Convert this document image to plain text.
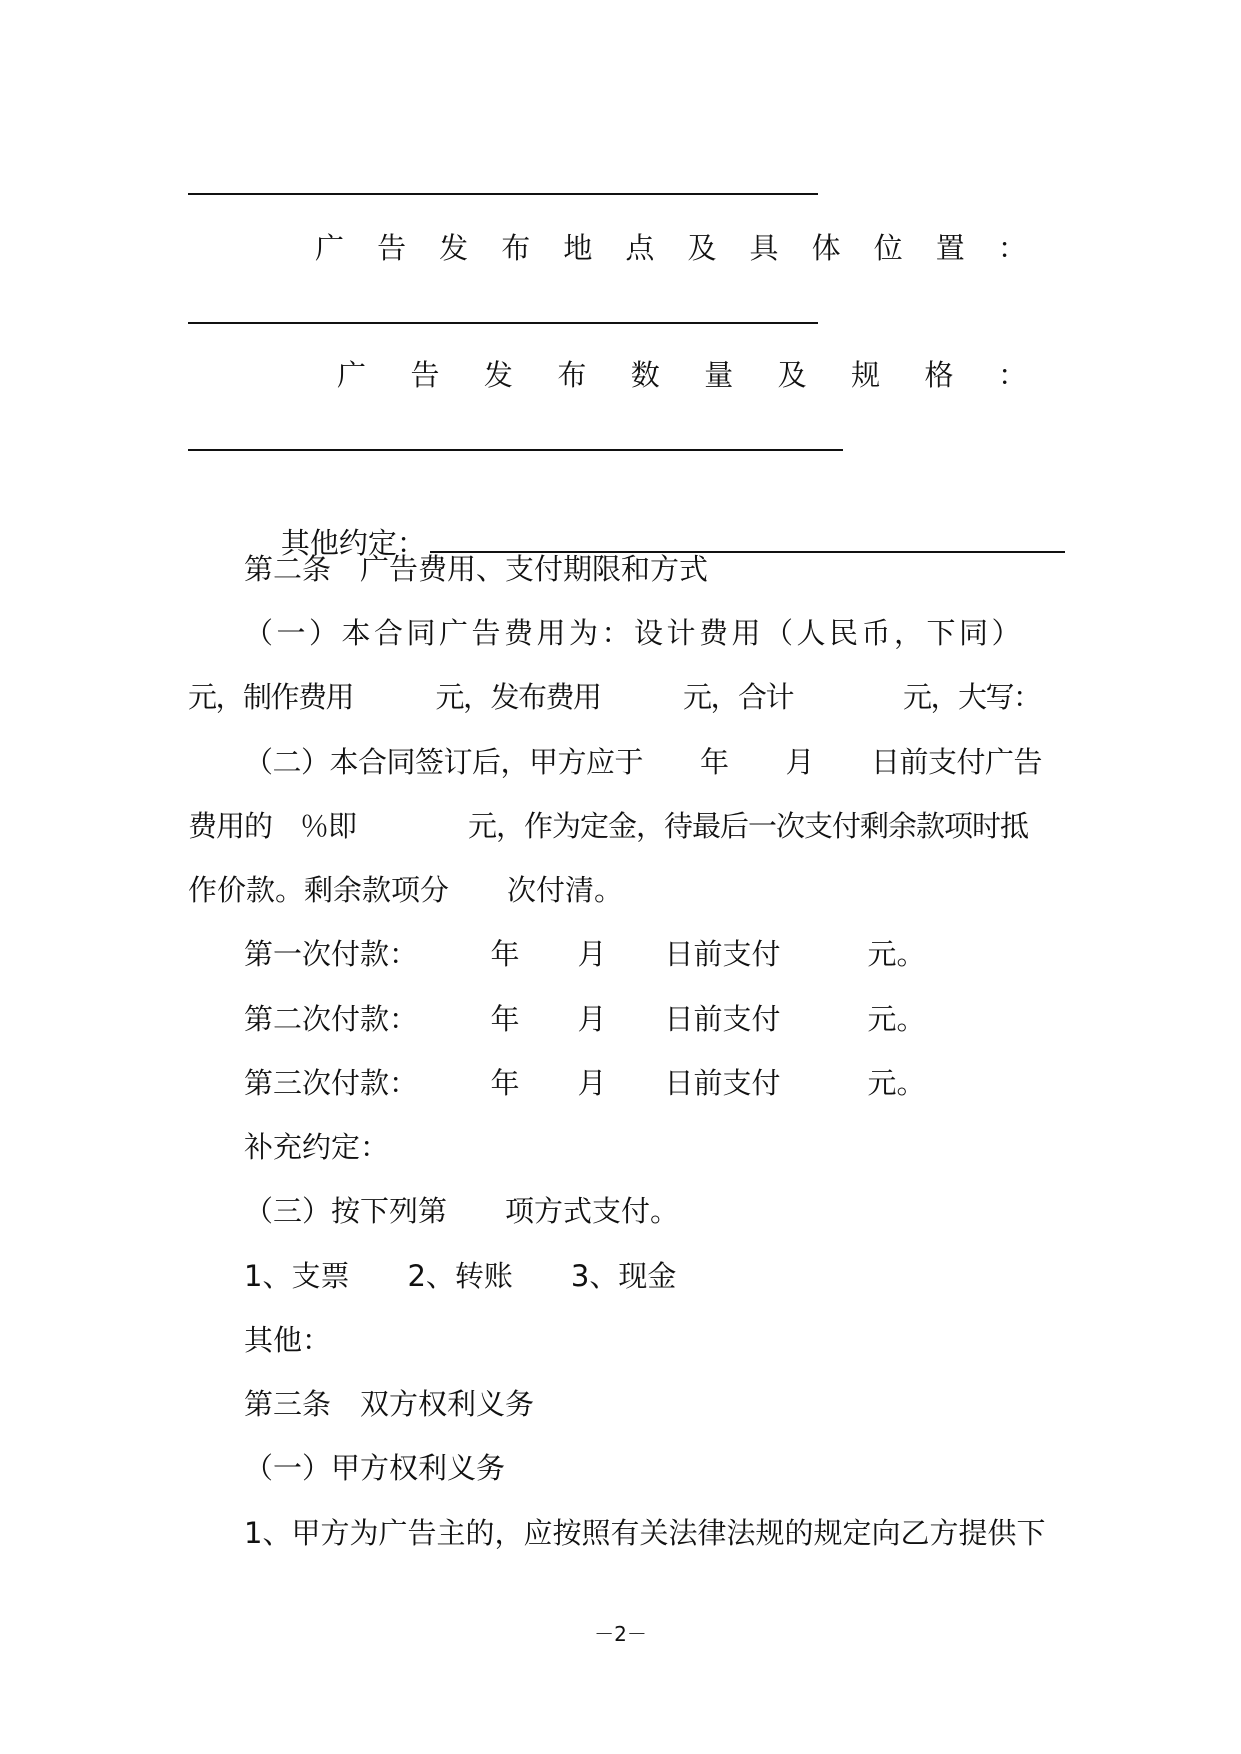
广 告 发 布 地 点 及 具 体 位 置 ：
广 告 发 布 数 量 及 规 格 ：

其他约定：

第二条　广告费用、支付期限和方式
（一）本合同广告费用为：设计费用（人民币，下同）
元，制作费用　　　元，发布费用　　　元，合计　　　　元，大写：
（二）本合同签订后，甲方应于　　年　　月　　日前支付广告
费用的　％即　　　　元，作为定金，待最后一次支付剩余款项时抵
作价款。剩余款项分　　次付清。
第一次付款：　　　年　　月　　日前支付　　　元。
第二次付款：　　　年　　月　　日前支付　　　元。
第三次付款：　　　年　　月　　日前支付　　　元。
补充约定：
（三）按下列第　　项方式支付。
1、支票　　2、转账　　3、现金
其他：
第三条　双方权利义务
（一）甲方权利义务
1、甲方为广告主的，应按照有关法律法规的规定向乙方提供下
－2－
